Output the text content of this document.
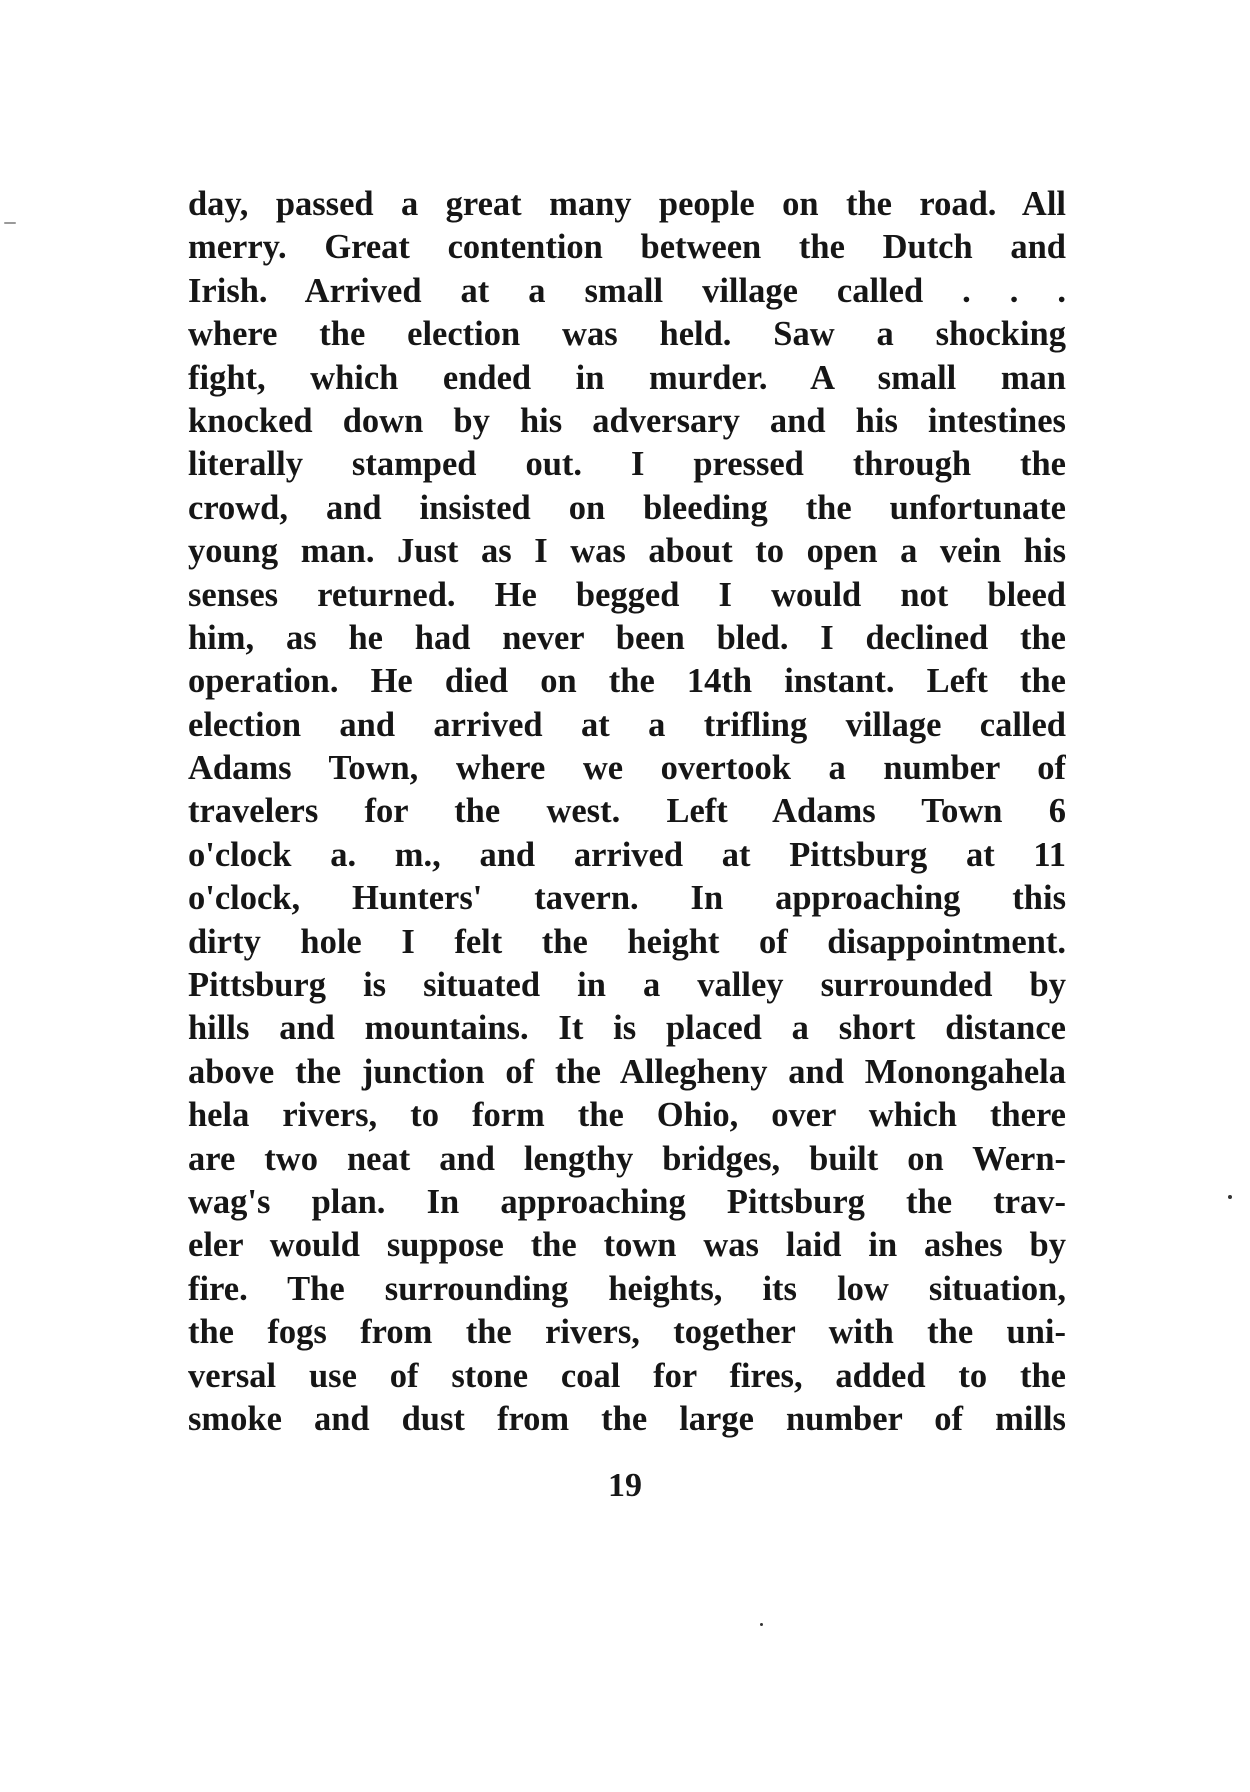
day, passed a great many people on the road. All
merry. Great contention between the Dutch and
Irish. Arrived at a small village called . . .
where the election was held. Saw a shocking
fight, which ended in murder. A small man
knocked down by his adversary and his intestines
literally stamped out. I pressed through the
crowd, and insisted on bleeding the unfortunate
young man. Just as I was about to open a vein his
senses returned. He begged I would not bleed
him, as he had never been bled. I declined the
operation. He died on the 14th instant. Left the
election and arrived at a trifling village called
Adams Town, where we overtook a number of
travelers for the west. Left Adams Town 6
o'clock a. m., and arrived at Pittsburg at 11
o'clock, Hunters' tavern. In approaching this
dirty hole I felt the height of disappointment.
Pittsburg is situated in a valley surrounded by
hills and mountains. It is placed a short distance
above the junction of the Allegheny and Monongahela
hela rivers, to form the Ohio, over which there
are two neat and lengthy bridges, built on Wern-
wag's plan. In approaching Pittsburg the trav-
eler would suppose the town was laid in ashes by
fire. The surrounding heights, its low situation,
the fogs from the rivers, together with the uni-
versal use of stone coal for fires, added to the
smoke and dust from the large number of mills
19
